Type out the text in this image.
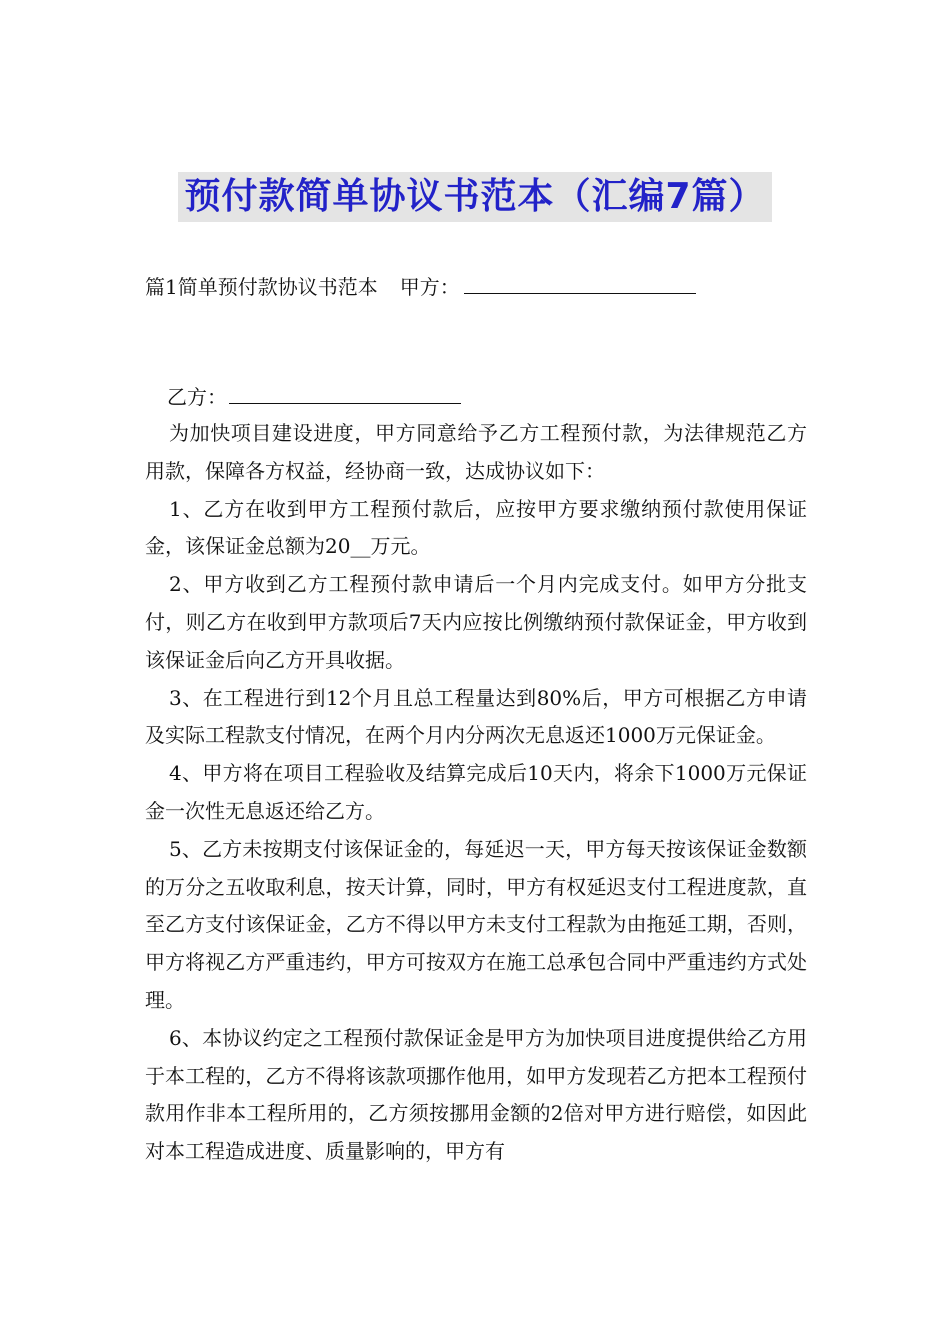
预付款简单协议书范本（汇编7篇）
篇1简单预付款协议书范本 甲方：
乙方：

为加快项目建设进度，甲方同意给予乙方工程预付款，为法律规范乙方用款，保障各方权益，经协商一致，达成协议如下：

1、乙方在收到甲方工程预付款后，应按甲方要求缴纳预付款使用保证金，该保证金总额为20__万元。

2、甲方收到乙方工程预付款申请后一个月内完成支付。如甲方分批支付，则乙方在收到甲方款项后7天内应按比例缴纳预付款保证金，甲方收到该保证金后向乙方开具收据。

3、在工程进行到12个月且总工程量达到80%后，甲方可根据乙方申请及实际工程款支付情况，在两个月内分两次无息返还1000万元保证金。

4、甲方将在项目工程验收及结算完成后10天内，将余下1000万元保证金一次性无息返还给乙方。

5、乙方未按期支付该保证金的，每延迟一天，甲方每天按该保证金数额的万分之五收取利息，按天计算，同时，甲方有权延迟支付工程进度款，直至乙方支付该保证金，乙方不得以甲方未支付工程款为由拖延工期，否则，甲方将视乙方严重违约，甲方可按双方在施工总承包合同中严重违约方式处理。

6、本协议约定之工程预付款保证金是甲方为加快项目进度提供给乙方用于本工程的，乙方不得将该款项挪作他用，如甲方发现若乙方把本工程预付款用作非本工程所用的，乙方须按挪用金额的2倍对甲方进行赔偿，如因此对本工程造成进度、质量影响的，甲方有
